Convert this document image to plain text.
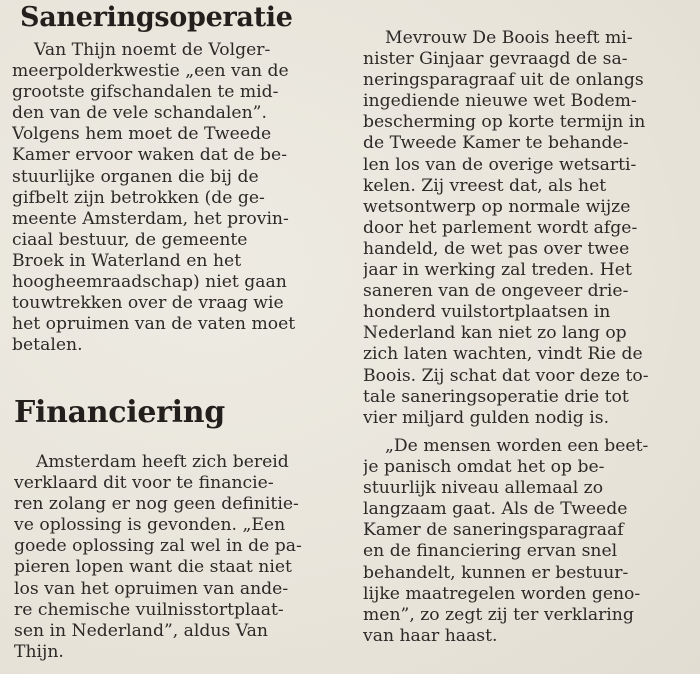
Saneringsoperatie
Van Thijn noemt de Volger-
meerpolderkwestie „een van de
grootste gifschandalen te mid-
den van de vele schandalen”.
Volgens hem moet de Tweede
Kamer ervoor waken dat de be-
stuurlijke organen die bij de
gifbelt zijn betrokken (de ge-
meente Amsterdam, het provin-
ciaal bestuur, de gemeente
Broek in Waterland en het
hoogheemraadschap) niet gaan
touwtrekken over de vraag wie
het opruimen van de vaten moet
betalen.
Financiering
Amsterdam heeft zich bereid
verklaard dit voor te financie-
ren zolang er nog geen definitie-
ve oplossing is gevonden. „Een
goede oplossing zal wel in de pa-
pieren lopen want die staat niet
los van het opruimen van ande-
re chemische vuilnisstortplaat-
sen in Nederland”, aldus Van
Thijn.
Mevrouw De Boois heeft mi-
nister Ginjaar gevraagd de sa-
neringsparagraaf uit de onlangs
ingediende nieuwe wet Bodem-
bescherming op korte termijn in
de Tweede Kamer te behande-
len los van de overige wetsarti-
kelen. Zij vreest dat, als het
wetsontwerp op normale wijze
door het parlement wordt afge-
handeld, de wet pas over twee
jaar in werking zal treden. Het
saneren van de ongeveer drie-
honderd vuilstortplaatsen in
Nederland kan niet zo lang op
zich laten wachten, vindt Rie de
Boois. Zij schat dat voor deze to-
tale saneringsoperatie drie tot
vier miljard gulden nodig is.
„De mensen worden een beet-
je panisch omdat het op be-
stuurlijk niveau allemaal zo
langzaam gaat. Als de Tweede
Kamer de saneringsparagraaf
en de financiering ervan snel
behandelt, kunnen er bestuur-
lijke maatregelen worden geno-
men”, zo zegt zij ter verklaring
van haar haast.
